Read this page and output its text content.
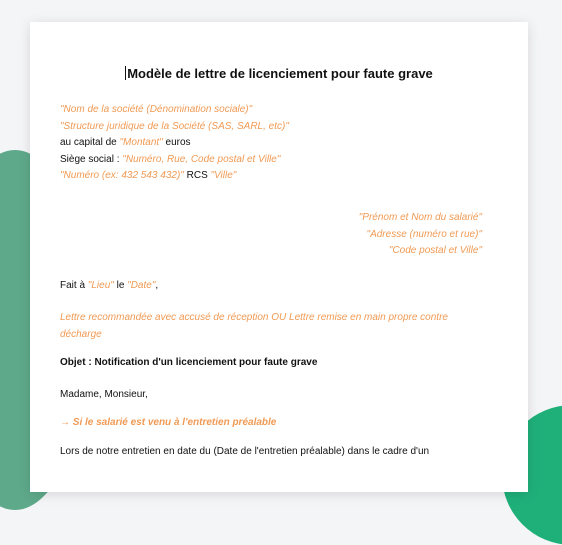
Modèle de lettre de licenciement pour faute grave
"Nom de la société (Dénomination sociale)"
"Structure juridique de la Société (SAS, SARL, etc)"
au capital de "Montant" euros
Siège social : "Numéro, Rue, Code postal et Ville"
"Numéro (ex: 432 543 432)" RCS "Ville"
"Prénom et Nom du salarié"
"Adresse (numéro et rue)"
"Code postal et Ville"
Fait à "Lieu" le "Date",
Lettre recommandée avec accusé de réception OU Lettre remise en main propre contre
décharge
Objet : Notification d'un licenciement pour faute grave
Madame, Monsieur,
→ Si le salarié est venu à l'entretien préalable
Lors de notre entretien en date du (Date de l'entretien préalable) dans le cadre d'un
